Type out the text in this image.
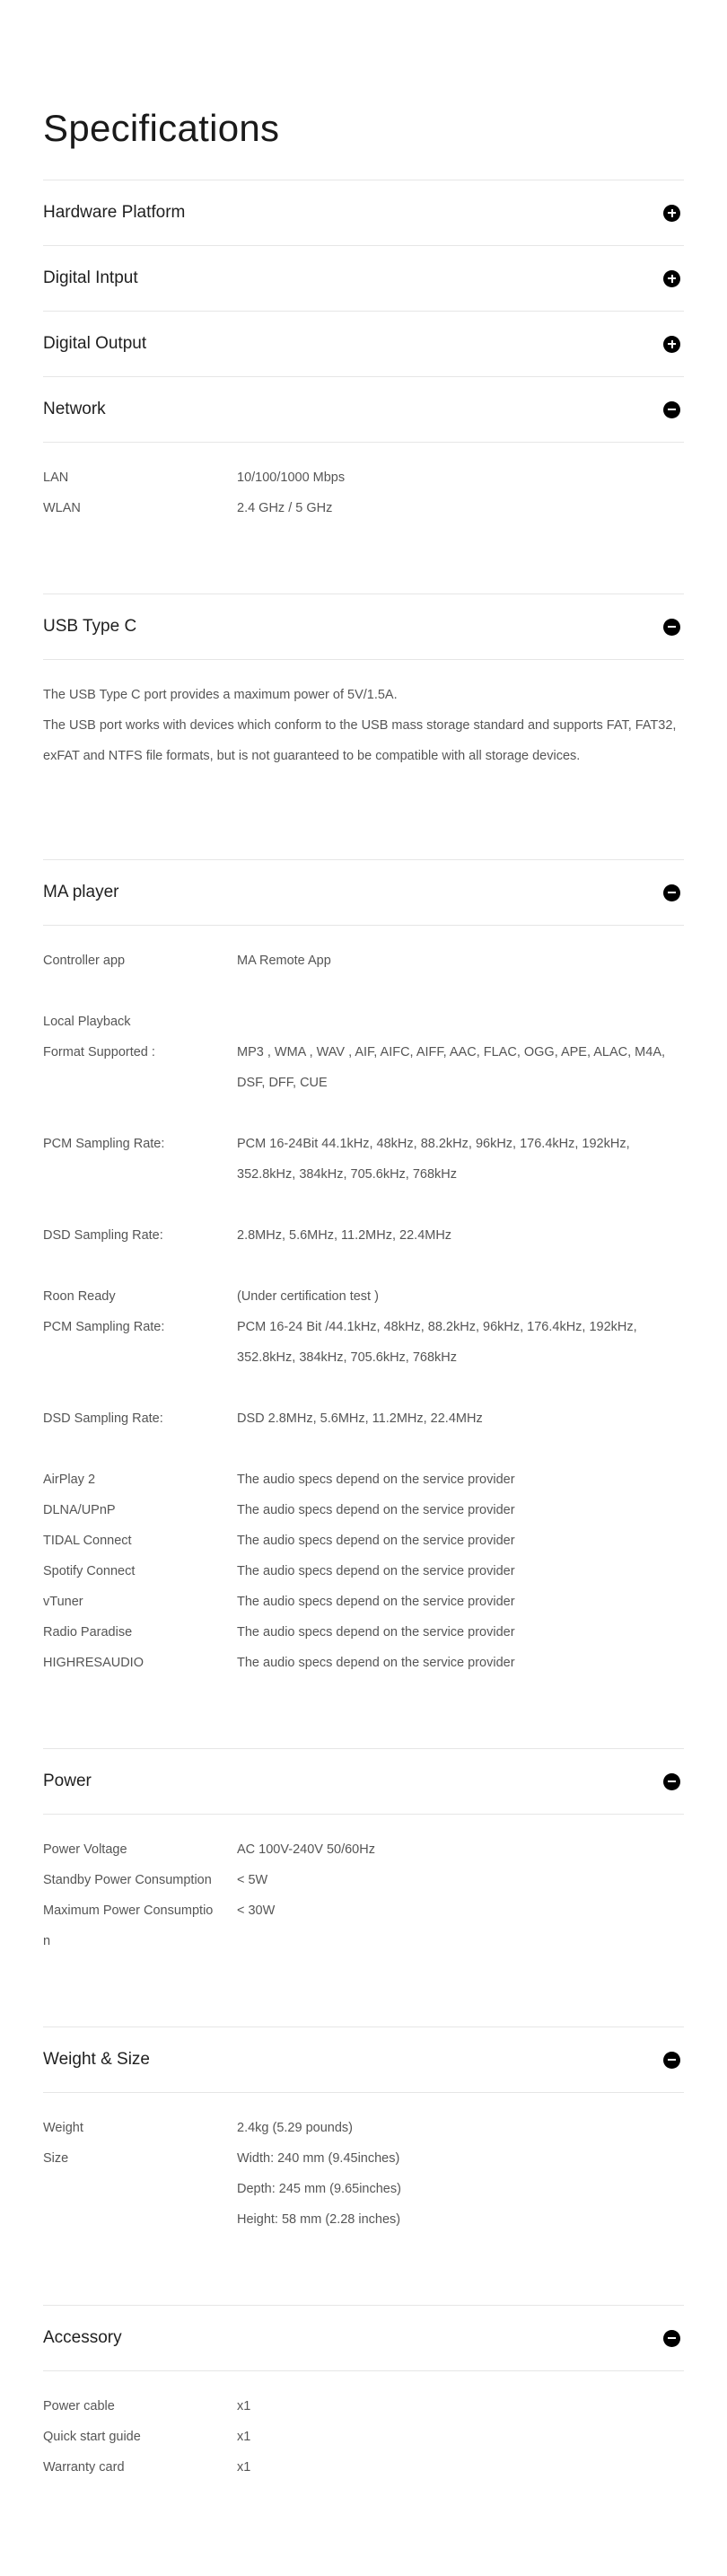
Specifications
Hardware Platform
Digital Intput
Digital Output
Network
LAN	10/100/1000 Mbps
WLAN	2.4 GHz / 5 GHz
USB Type C

The USB Type C port provides a maximum power of 5V/1.5A.

The USB port works with devices which conform to the USB mass storage standard and supports FAT, FAT32, exFAT and NTFS file formats, but is not guaranteed to be compatible with all storage devices.

MA player
Controller app	MA Remote App
Local Playback
Format Supported :	MP3 , WMA , WAV , AIF, AIFC, AIFF, AAC, FLAC, OGG, APE, ALAC, M4A, DSF, DFF, CUE
PCM Sampling Rate:	PCM 16-24Bit 44.1kHz, 48kHz, 88.2kHz, 96kHz, 176.4kHz, 192kHz, 352.8kHz, 384kHz, 705.6kHz, 768kHz
DSD Sampling Rate:	2.8MHz, 5.6MHz, 11.2MHz, 22.4MHz
Roon Ready	(Under certification test )
PCM Sampling Rate:	PCM 16-24 Bit /44.1kHz, 48kHz, 88.2kHz, 96kHz, 176.4kHz, 192kHz, 352.8kHz, 384kHz, 705.6kHz, 768kHz
DSD Sampling Rate:	DSD 2.8MHz, 5.6MHz, 11.2MHz, 22.4MHz
AirPlay 2	The audio specs depend on the service provider
DLNA/UPnP	The audio specs depend on the service provider
TIDAL Connect	The audio specs depend on the service provider
Spotify Connect	The audio specs depend on the service provider
vTuner	The audio specs depend on the service provider
Radio Paradise	The audio specs depend on the service provider
HIGHRESAUDIO	The audio specs depend on the service provider
Power
Power Voltage	AC 100V-240V 50/60Hz
Standby Power Consumption	< 5W
Maximum Power Consumptio	< 30W
n
Weight & Size
Weight	2.4kg (5.29 pounds)
Size	Width: 240 mm (9.45inches)
Depth: 245 mm (9.65inches)
Height: 58 mm (2.28 inches)
Accessory
Power cable	x1
Quick start guide	x1
Warranty card	x1
